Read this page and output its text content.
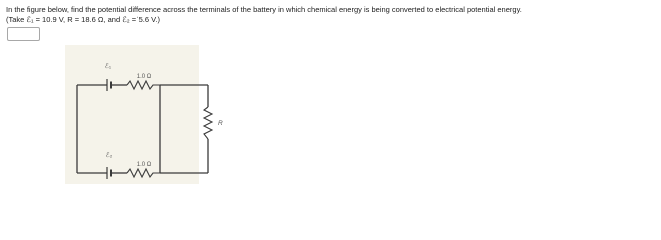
In the figure below, find the potential difference across the terminals of the battery in which chemical energy is being converted to electrical potential energy.

(Take ℰ₁ = 10.9 V, R = 18.6 Ω, and ℰ₂ =ˈ5.6 V.)

ℰ₁
ℰ₂
1.0 Ω
1.0 Ω
R
